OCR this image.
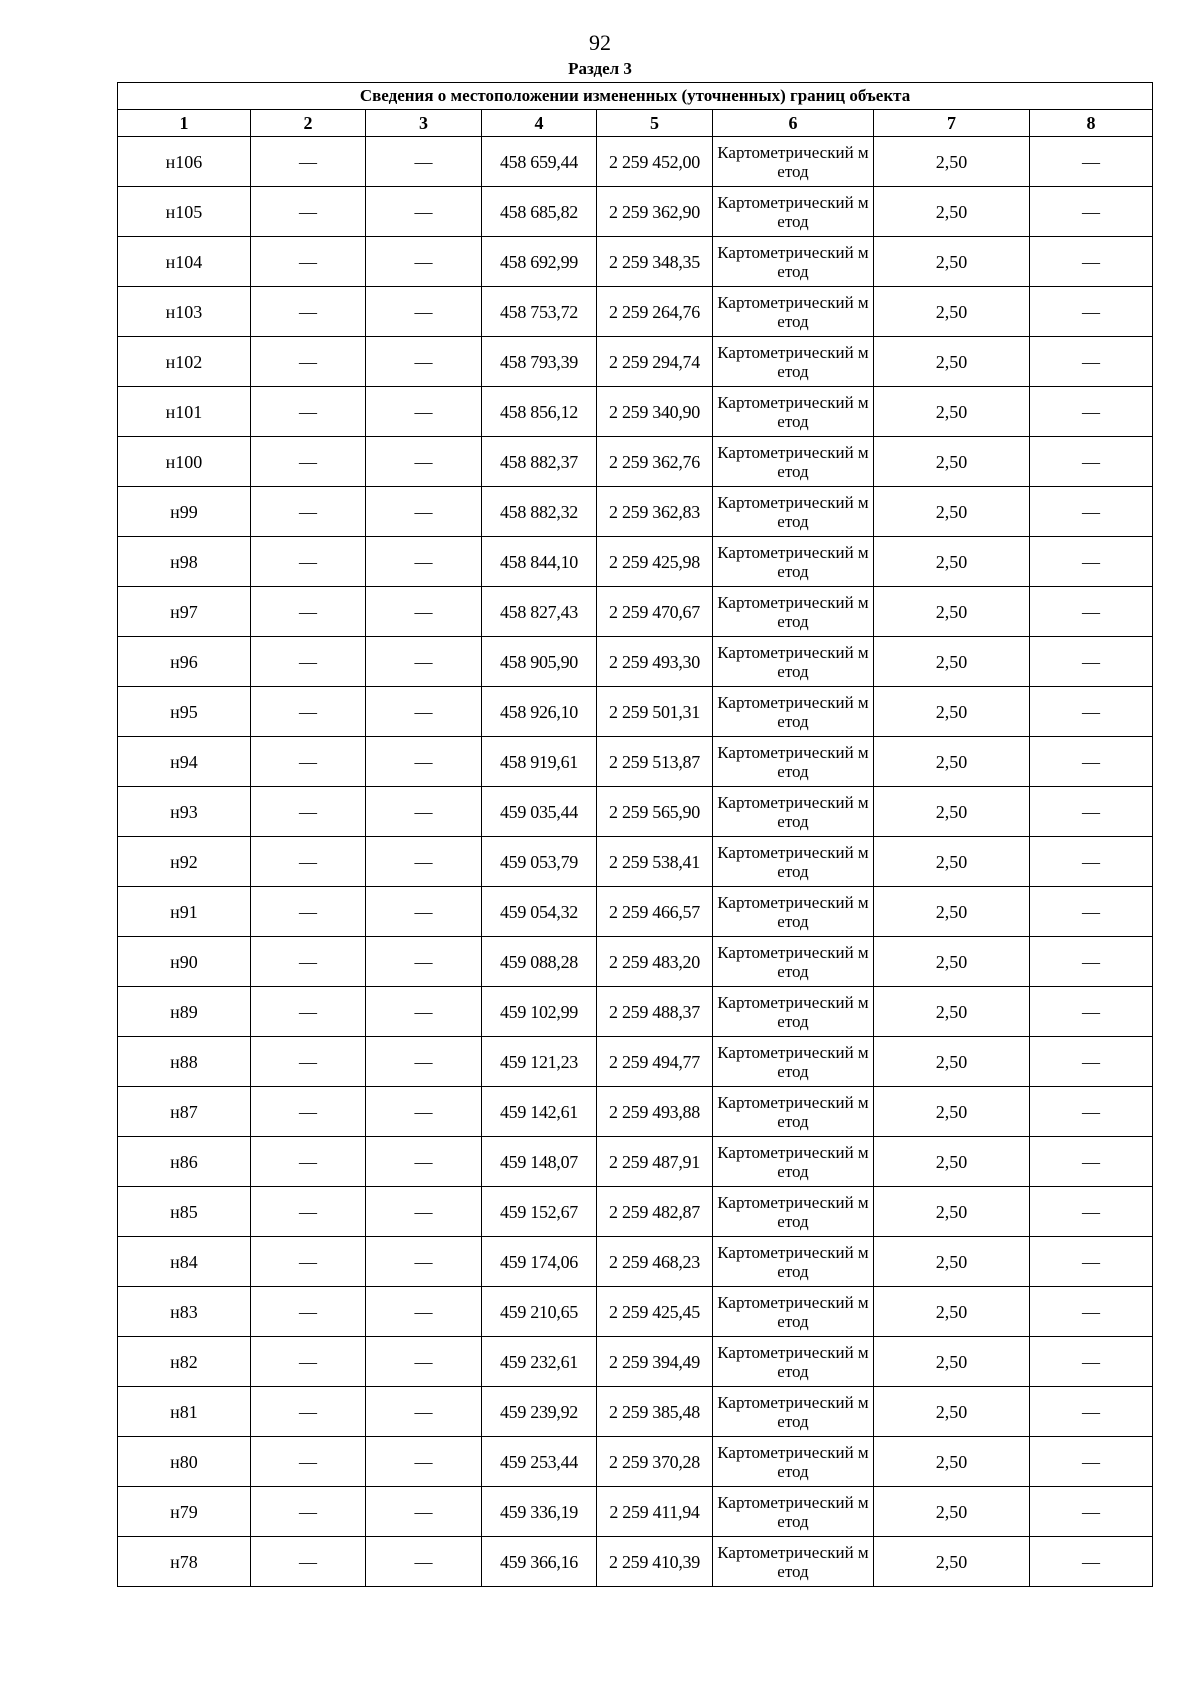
92
Раздел 3
Сведения о местоположении измененных (уточненных) границ объекта							
1	2	3	4	5	6	7	8
н106	—	—	458 659,44	2 259 452,00	Картометрический метод	2,50	—
н105	—	—	458 685,82	2 259 362,90	Картометрический метод	2,50	—
н104	—	—	458 692,99	2 259 348,35	Картометрический метод	2,50	—
н103	—	—	458 753,72	2 259 264,76	Картометрический метод	2,50	—
н102	—	—	458 793,39	2 259 294,74	Картометрический метод	2,50	—
н101	—	—	458 856,12	2 259 340,90	Картометрический метод	2,50	—
н100	—	—	458 882,37	2 259 362,76	Картометрический метод	2,50	—
н99	—	—	458 882,32	2 259 362,83	Картометрический метод	2,50	—
н98	—	—	458 844,10	2 259 425,98	Картометрический метод	2,50	—
н97	—	—	458 827,43	2 259 470,67	Картометрический метод	2,50	—
н96	—	—	458 905,90	2 259 493,30	Картометрический метод	2,50	—
н95	—	—	458 926,10	2 259 501,31	Картометрический метод	2,50	—
н94	—	—	458 919,61	2 259 513,87	Картометрический метод	2,50	—
н93	—	—	459 035,44	2 259 565,90	Картометрический метод	2,50	—
н92	—	—	459 053,79	2 259 538,41	Картометрический метод	2,50	—
н91	—	—	459 054,32	2 259 466,57	Картометрический метод	2,50	—
н90	—	—	459 088,28	2 259 483,20	Картометрический метод	2,50	—
н89	—	—	459 102,99	2 259 488,37	Картометрический метод	2,50	—
н88	—	—	459 121,23	2 259 494,77	Картометрический метод	2,50	—
н87	—	—	459 142,61	2 259 493,88	Картометрический метод	2,50	—
н86	—	—	459 148,07	2 259 487,91	Картометрический метод	2,50	—
н85	—	—	459 152,67	2 259 482,87	Картометрический метод	2,50	—
н84	—	—	459 174,06	2 259 468,23	Картометрический метод	2,50	—
н83	—	—	459 210,65	2 259 425,45	Картометрический метод	2,50	—
н82	—	—	459 232,61	2 259 394,49	Картометрический метод	2,50	—
н81	—	—	459 239,92	2 259 385,48	Картометрический метод	2,50	—
н80	—	—	459 253,44	2 259 370,28	Картометрический метод	2,50	—
н79	—	—	459 336,19	2 259 411,94	Картометрический метод	2,50	—
н78	—	—	459 366,16	2 259 410,39	Картометрический метод	2,50	—
